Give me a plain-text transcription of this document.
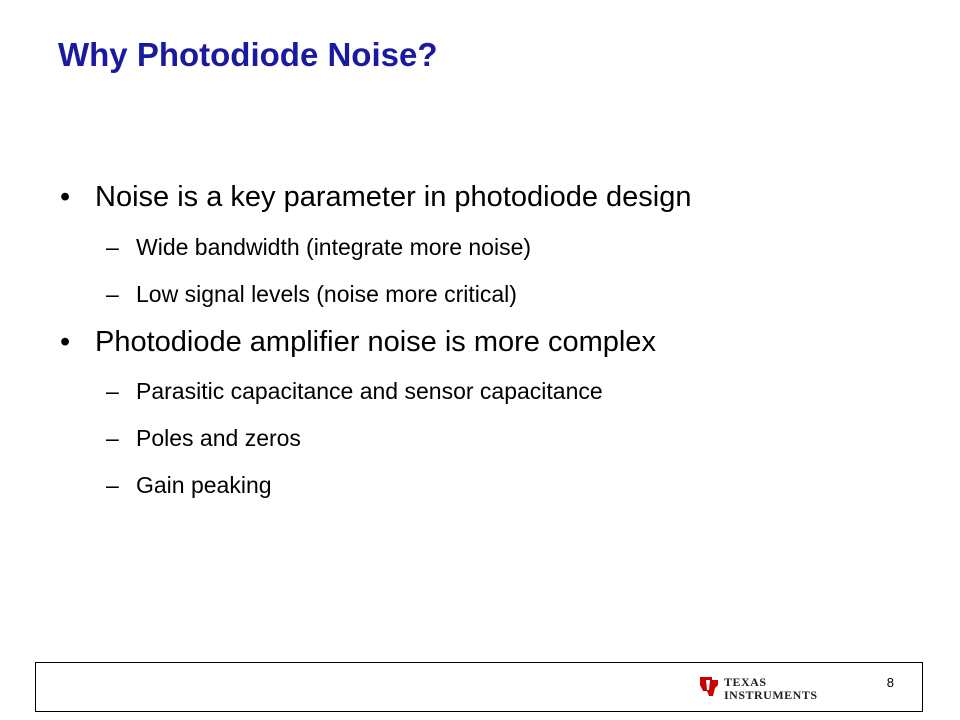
Why Photodiode Noise?
• Noise is a key parameter in photodiode design
– Wide bandwidth (integrate more noise)
– Low signal levels (noise more critical)
• Photodiode amplifier noise is more complex
– Parasitic capacitance and sensor capacitance
– Poles and zeros
– Gain peaking
TEXAS
INSTRUMENTS
8
